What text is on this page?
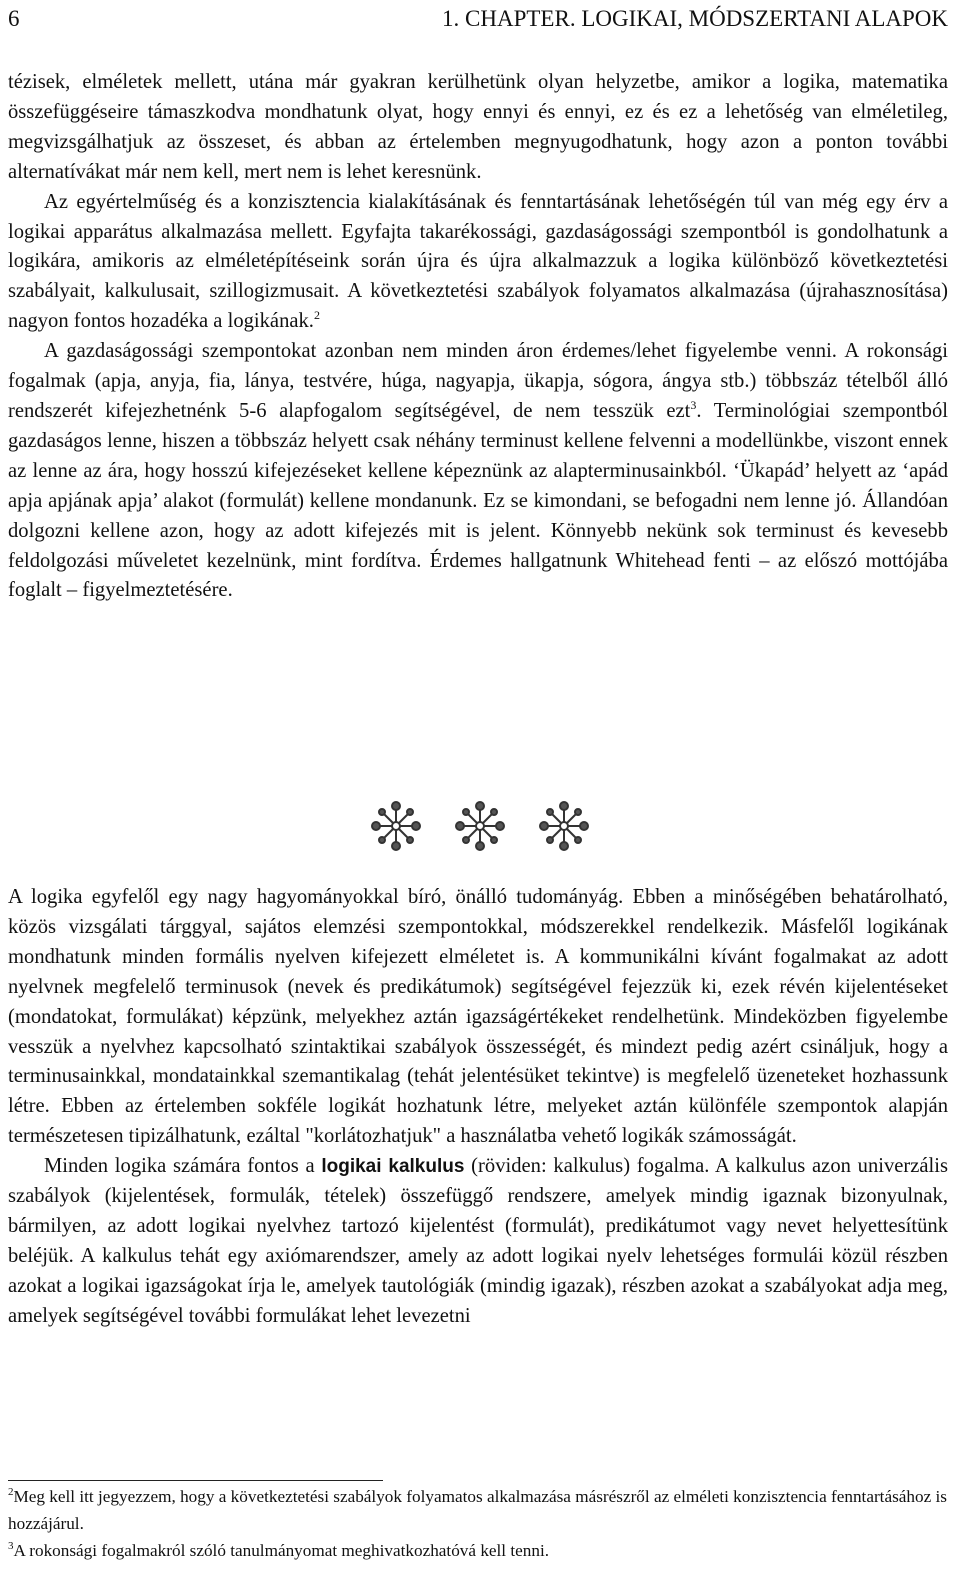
6	1. CHAPTER. LOGIKAI, MÓDSZERTANI ALAPOK

tézisek, elméletek mellett, utána már gyakran kerülhetünk olyan helyzetbe, amikor a logika, matematika összefüggéseire támaszkodva mondhatunk olyat, hogy ennyi és ennyi, ez és ez a lehetőség van elméletileg, megvizsgálhatjuk az összeset, és abban az értelemben megnyugodhatunk, hogy azon a ponton további alternatívákat már nem kell, mert nem is lehet keresnünk.

Az egyértelműség és a konzisztencia kialakításának és fenntartásának lehetőségén túl van még egy érv a logikai apparátus alkalmazása mellett. Egyfajta takarékossági, gazdaságossági szempontból is gondolhatunk a logikára, amikoris az elméletépítéseink során újra és újra alkalmazzuk a logika különböző következtetési szabályait, kalkulusait, szillogizmusait. A következtetési szabályok folyamatos alkalmazása (újrahasznosítása) nagyon fontos hozadéka a logikának.$^2$

A gazdaságossági szempontokat azonban nem minden áron érdemes/lehet figyelembe venni. A rokonsági fogalmak (apja, anyja, fia, lánya, testvére, húga, nagyapja, ükapja, sógora, ángya stb.) többszáz tételből álló rendszerét kifejezhetnénk 5-6 alapfogalom segítségével, de nem tesszük ezt$^3$. Terminológiai szempontból gazdaságos lenne, hiszen a többszáz helyett csak néhány terminust kellene felvenni a modellünkbe, viszont ennek az lenne az ára, hogy hosszú kifejezéseket kellene képeznünk az alapterminusainkból. ‘Ükapád’ helyett az ‘apád apja apjának apja’ alakot (formulát) kellene mondanunk. Ez se kimondani, se befogadni nem lenne jó. Állandóan dolgozni kellene azon, hogy az adott kifejezés mit is jelent. Könnyebb nekünk sok terminust és kevesebb feldolgozási műveletet kezelnünk, mint fordítva. Érdemes hallgatnunk Whitehead fenti – az előszó mottójába foglalt – figyelmeztetésére.

A logika egyfelől egy nagy hagyományokkal bíró, önálló tudományág. Ebben a minőségében behatárolható, közös vizsgálati tárggyal, sajátos elemzési szempontokkal, módszerekkel rendelkezik. Másfelől logikának mondhatunk minden formális nyelven kifejezett elméletet is. A kommunikálni kívánt fogalmakat az adott nyelvnek megfelelő terminusok (nevek és predikátumok) segítségével fejezzük ki, ezek révén kijelentéseket (mondatokat, formulákat) képzünk, melyekhez aztán igazságértékeket rendelhetünk. Mindeközben figyelembe vesszük a nyelvhez kapcsolható szintaktikai szabályok összességét, és mindezt pedig azért csináljuk, hogy a terminusainkkal, mondatainkkal szemantikalag (tehát jelentésüket tekintve) is megfelelő üzeneteket hozhassunk létre. Ebben az értelemben sokféle logikát hozhatunk létre, melyeket aztán különféle szempontok alapján természetesen tipizálhatunk, ezáltal "korlátozhatjuk" a használatba vehető logikák számosságát.

Minden logika számára fontos a logikai kalkulus (röviden: kalkulus) fogalma. A kalkulus azon univerzális szabályok (kijelentések, formulák, tételek) összefüggő rendszere, amelyek mindig igaznak bizonyulnak, bármilyen, az adott logikai nyelvhez tartozó kijelentést (formulát), predikátumot vagy nevet helyettesítünk beléjük. A kalkulus tehát egy axiómarendszer, amely az adott logikai nyelv lehetséges formulái közül részben azokat a logikai igazságokat írja le, amelyek tautológiák (mindig igazak), részben azokat a szabályokat adja meg, amelyek segítségével további formulákat lehet levezetni

$^2$Meg kell itt jegyezzem, hogy a következtetési szabályok folyamatos alkalmazása másrészről az elméleti konzisztencia fenntartásához is hozzájárul.

$^3$A rokonsági fogalmakról szóló tanulmányomat meghivatkozhatóvá kell tenni.
